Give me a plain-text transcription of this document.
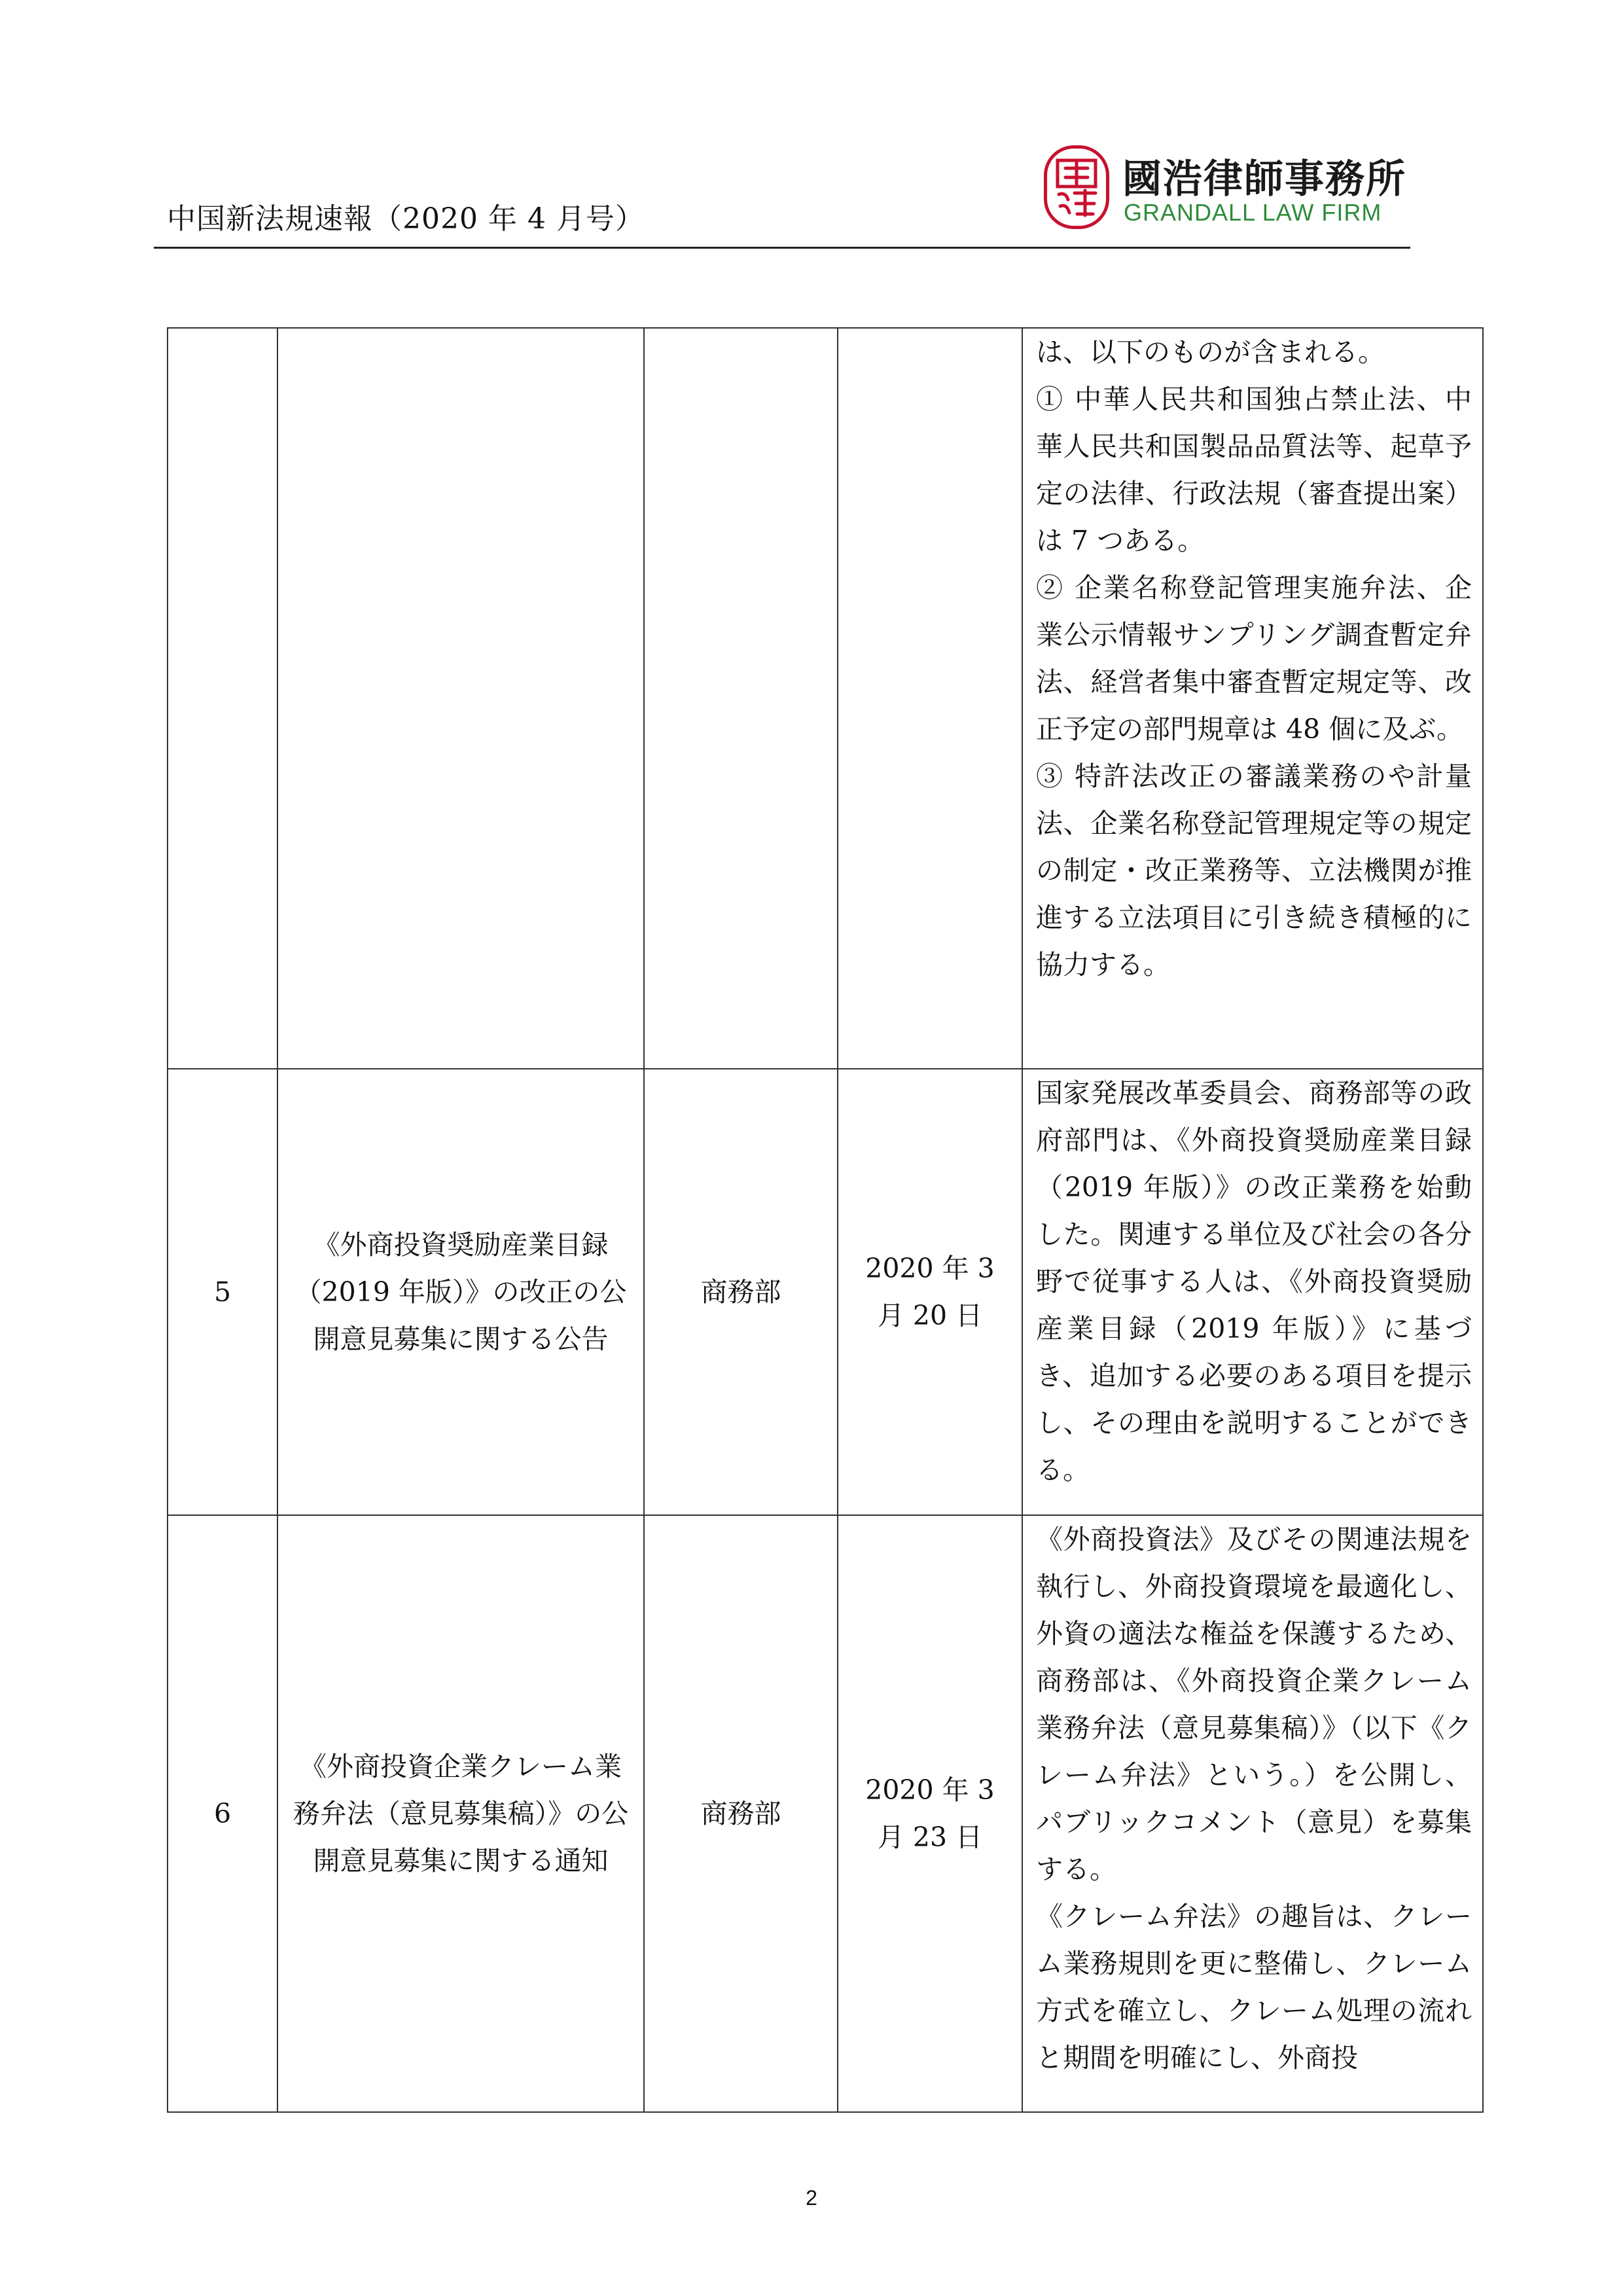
中国新法規速報（2020 年 4 月号）
國浩律師事務所
GRANDALL LAW FIRM

				は、以下のものが含まれる。
① 中華人民共和国独占禁止法、中華人民共和国製品品質法等、起草予定の法律、行政法規（審査提出案）は 7 つある。
② 企業名称登記管理実施弁法、企業公示情報サンプリング調査暫定弁法、経営者集中審査暫定規定等、改正予定の部門規章は 48 個に及ぶ。
③ 特許法改正の審議業務のや計量法、企業名称登記管理規定等の規定の制定・改正業務等、立法機関が推進する立法項目に引き続き積極的に協力する。

5	《外商投資奨励産業目録（2019 年版）》の改正の公開意見募集に関する公告	商務部	2020 年 3 月 20 日	国家発展改革委員会、商務部等の政府部門は、《外商投資奨励産業目録（2019 年版）》の改正業務を始動した。関連する単位及び社会の各分野で従事する人は、《外商投資奨励産業目録（2019 年版）》に基づき、追加する必要のある項目を提示し、その理由を説明することができる。

6	《外商投資企業クレーム業務弁法（意見募集稿）》の公開意見募集に関する通知	商務部	2020 年 3 月 23 日	《外商投資法》及びその関連法規を執行し、外商投資環境を最適化し、外資の適法な権益を保護するため、商務部は、《外商投資企業クレーム業務弁法（意見募集稿）》（以下《クレーム弁法》という。）を公開し、パブリックコメント（意見）を募集する。
《クレーム弁法》の趣旨は、クレーム業務規則を更に整備し、クレーム方式を確立し、クレーム処理の流れと期間を明確にし、外商投
2
